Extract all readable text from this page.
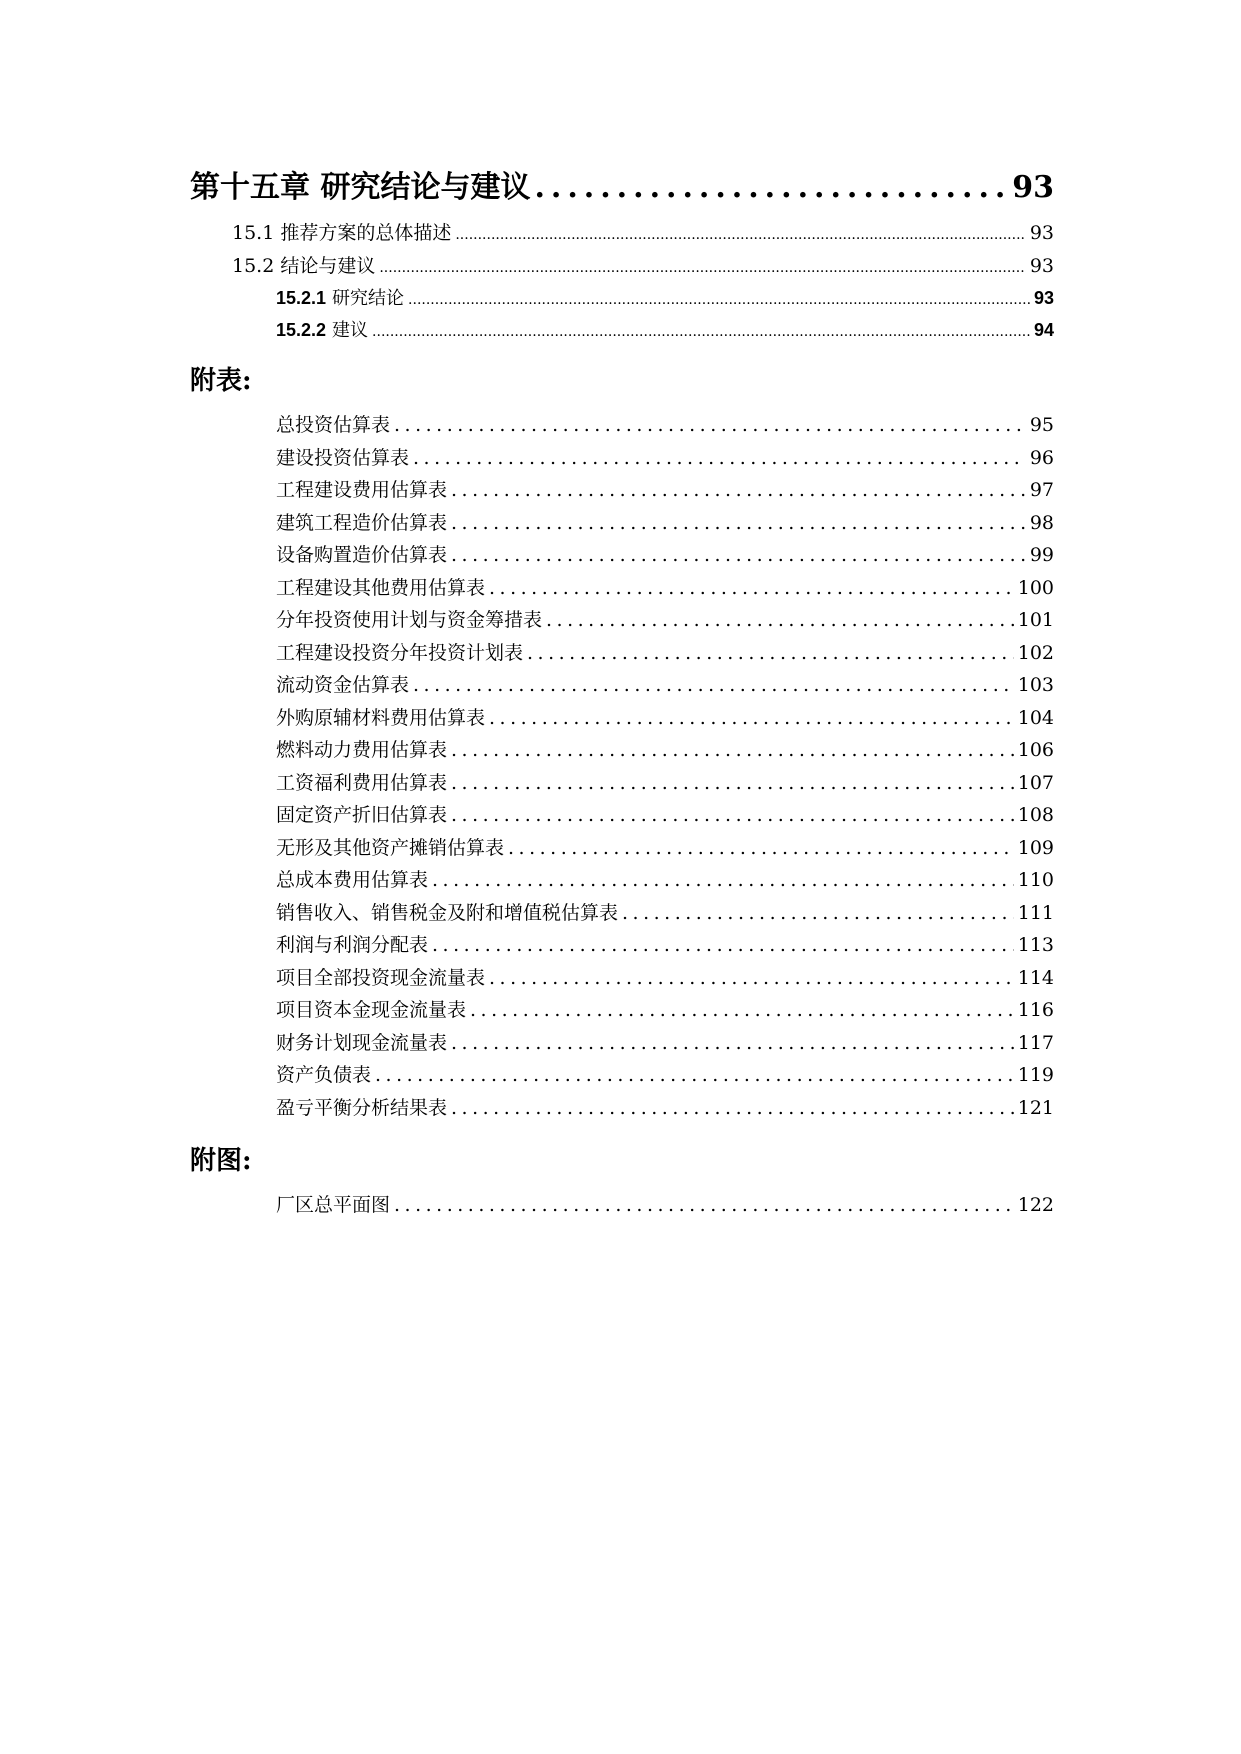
第十五章 研究结论与建议 .....	93
15.1 推荐方案的总体描述 .....	93
15.2 结论与建议 .....	93
15.2.1 研究结论 .....	93
15.2.2 建议 .....	94
附表:
总投资估算表 .....	95
建设投资估算表 .....	96
工程建设费用估算表 .....	97
建筑工程造价估算表 .....	98
设备购置造价估算表 .....	99
工程建设其他费用估算表 .....	100
分年投资使用计划与资金筹措表 .....	101
工程建设投资分年投资计划表 .....	102
流动资金估算表 .....	103
外购原辅材料费用估算表 .....	104
燃料动力费用估算表 .....	106
工资福利费用估算表 .....	107
固定资产折旧估算表 .....	108
无形及其他资产摊销估算表 .....	109
总成本费用估算表 .....	110
销售收入、销售税金及附和增值税估算表 .....	111
利润与利润分配表 .....	113
项目全部投资现金流量表 .....	114
项目资本金现金流量表 .....	116
财务计划现金流量表 .....	117
资产负债表 .....	119
盈亏平衡分析结果表 .....	121
附图:
厂区总平面图 .....	122
